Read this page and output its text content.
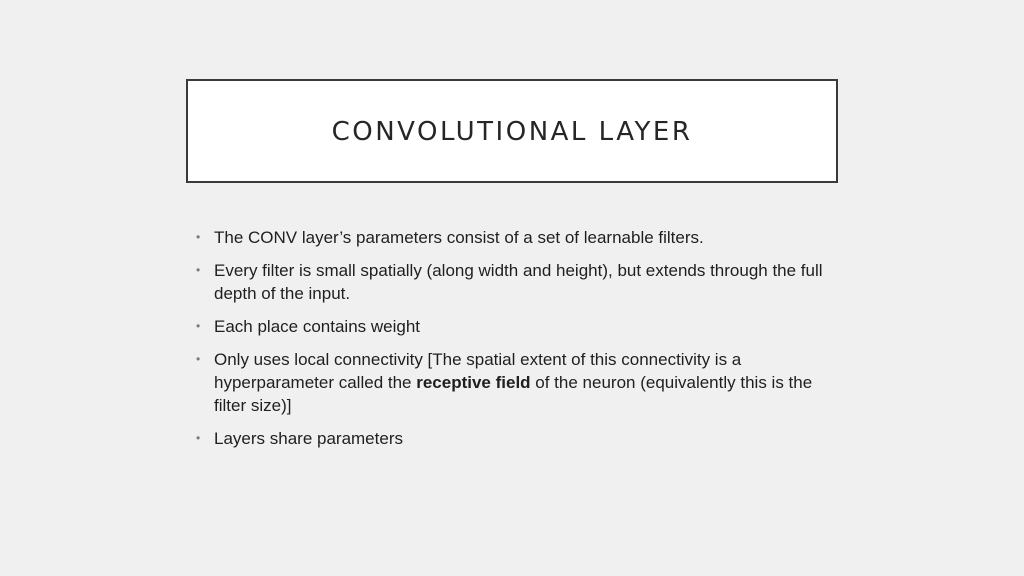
CONVOLUTIONAL LAYER
• The CONV layer’s parameters consist of a set of learnable filters.
• Every filter is small spatially (along width and height), but extends through the full depth of the input.
• Each place contains weight
• Only uses local connectivity [The spatial extent of this connectivity is a hyperparameter called the receptive field of the neuron (equivalently this is the filter size)]
• Layers share parameters
